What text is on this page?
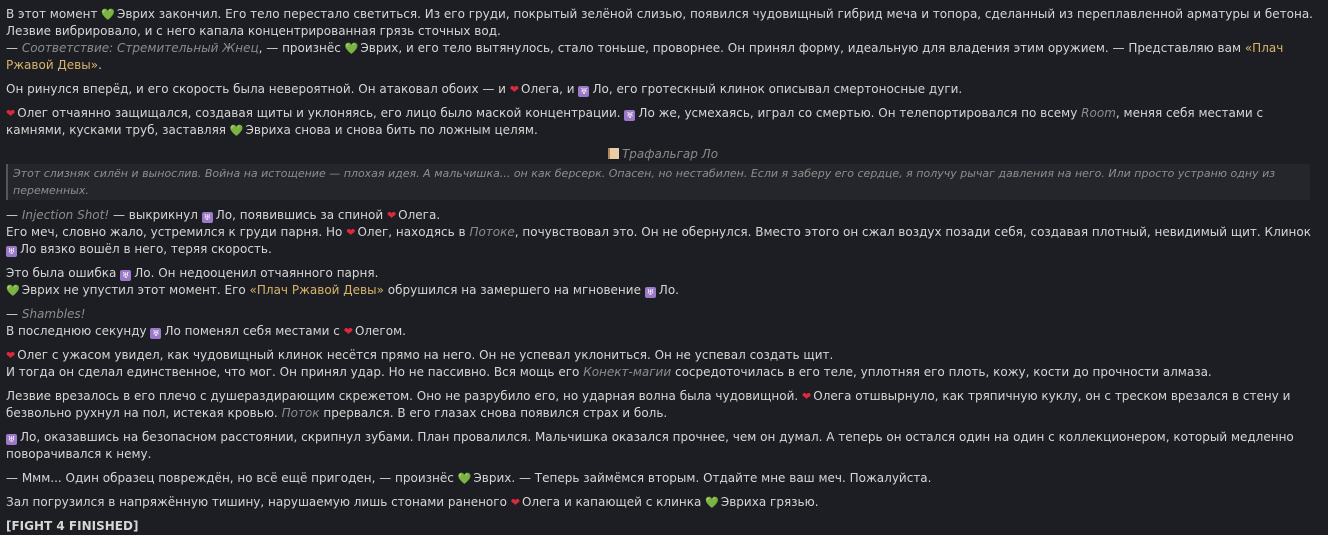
В этот момент 💚 Эврих закончил. Его тело перестало светиться. Из его груди, покрытый зелёной слизью, появился чудовищный гибрид меча и топора, сделанный из переплавленной арматуры и бетона. Лезвие вибрировало, и с него капала концентрированная грязь сточных вод.
— Соответствие: Стремительный Жнец, — произнёс 💚 Эврих, и его тело вытянулось, стало тоньше, проворнее. Он принял форму, идеальную для владения этим оружием. — Представляю вам «Плач Ржавой Девы».

Он ринулся вперёд, и его скорость была невероятной. Он атаковал обоих — и ❤ Олега, и ♅ Ло, его гротескный клинок описывал смертоносные дуги.

❤ Олег отчаянно защищался, создавая щиты и уклоняясь, его лицо было маской концентрации. ♅ Ло же, усмехаясь, играл со смертью. Он телепортировался по всему Room, меняя себя местами с камнями, кусками труб, заставляя 💚 Эвриха снова и снова бить по ложным целям.

Трафальгар Ло
Этот слизняк силён и вынослив. Война на истощение — плохая идея. А мальчишка... он как берсерк. Опасен, но нестабилен. Если я заберу его сердце, я получу рычаг давления на него. Или просто устраню одну из переменных.

— Injection Shot! — выкрикнул ♅ Ло, появившись за спиной ❤ Олега.
Его меч, словно жало, устремился к груди парня. Но ❤ Олег, находясь в Потоке, почувствовал это. Он не обернулся. Вместо этого он сжал воздух позади себя, создавая плотный, невидимый щит. Клинок ♅ Ло вязко вошёл в него, теряя скорость.

Это была ошибка ♅ Ло. Он недооценил отчаянного парня.
💚 Эврих не упустил этот момент. Его «Плач Ржавой Девы» обрушился на замершего на мгновение ♅ Ло.

— Shambles!
В последнюю секунду ♅ Ло поменял себя местами с ❤ Олегом.

❤ Олег с ужасом увидел, как чудовищный клинок несётся прямо на него. Он не успевал уклониться. Он не успевал создать щит.
И тогда он сделал единственное, что мог. Он принял удар. Но не пассивно. Вся мощь его Конект-магии сосредоточилась в его теле, уплотняя его плоть, кожу, кости до прочности алмаза.

Лезвие врезалось в его плечо с душераздирающим скрежетом. Оно не разрубило его, но ударная волна была чудовищной. ❤ Олега отшвырнуло, как тряпичную куклу, он с треском врезался в стену и безвольно рухнул на пол, истекая кровью. Поток прервался. В его глазах снова появился страх и боль.

♅ Ло, оказавшись на безопасном расстоянии, скрипнул зубами. План провалился. Мальчишка оказался прочнее, чем он думал. А теперь он остался один на один с коллекционером, который медленно поворачивался к нему.

— Ммм... Один образец повреждён, но всё ещё пригоден, — произнёс 💚 Эврих. — Теперь займёмся вторым. Отдайте мне ваш меч. Пожалуйста.

Зал погрузился в напряжённую тишину, нарушаемую лишь стонами раненого ❤ Олега и капающей с клинка 💚 Эвриха грязью.

[FIGHT 4 FINISHED]
